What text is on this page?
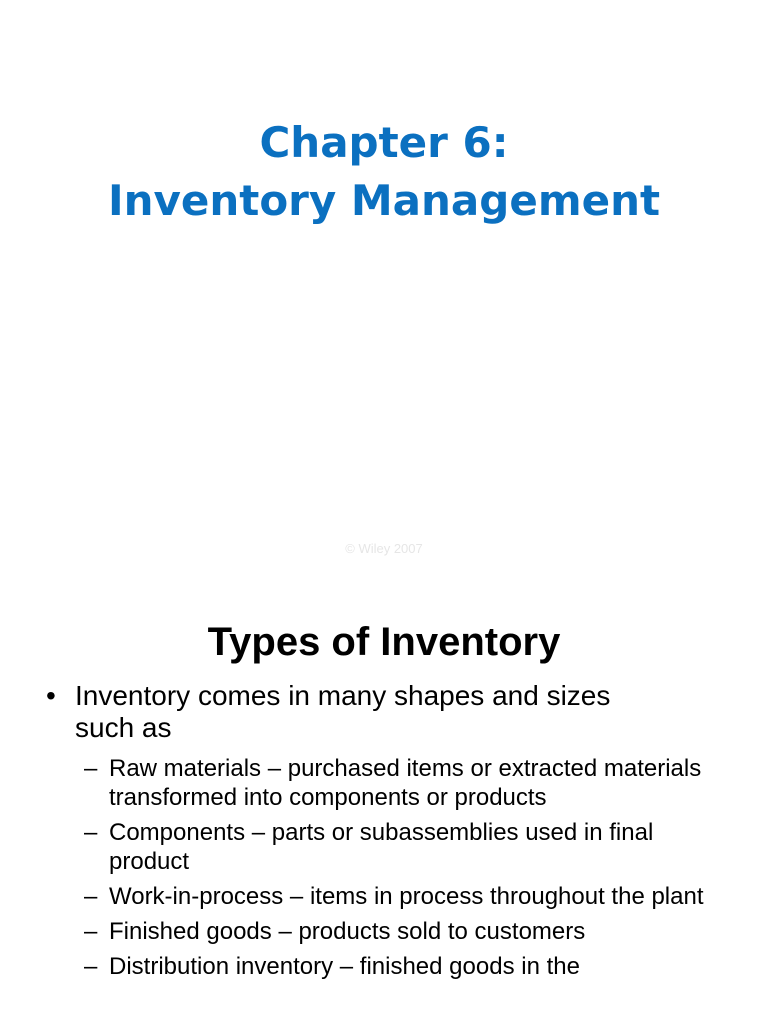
Chapter 6:
Inventory Management
© Wiley 2007
Types of Inventory
• Inventory comes in many shapes and sizes such as
– Raw materials – purchased items or extracted materials transformed into components or products
– Components – parts or subassemblies used in final product
– Work-in-process – items in process throughout the plant
– Finished goods – products sold to customers
– Distribution inventory – finished goods in the
